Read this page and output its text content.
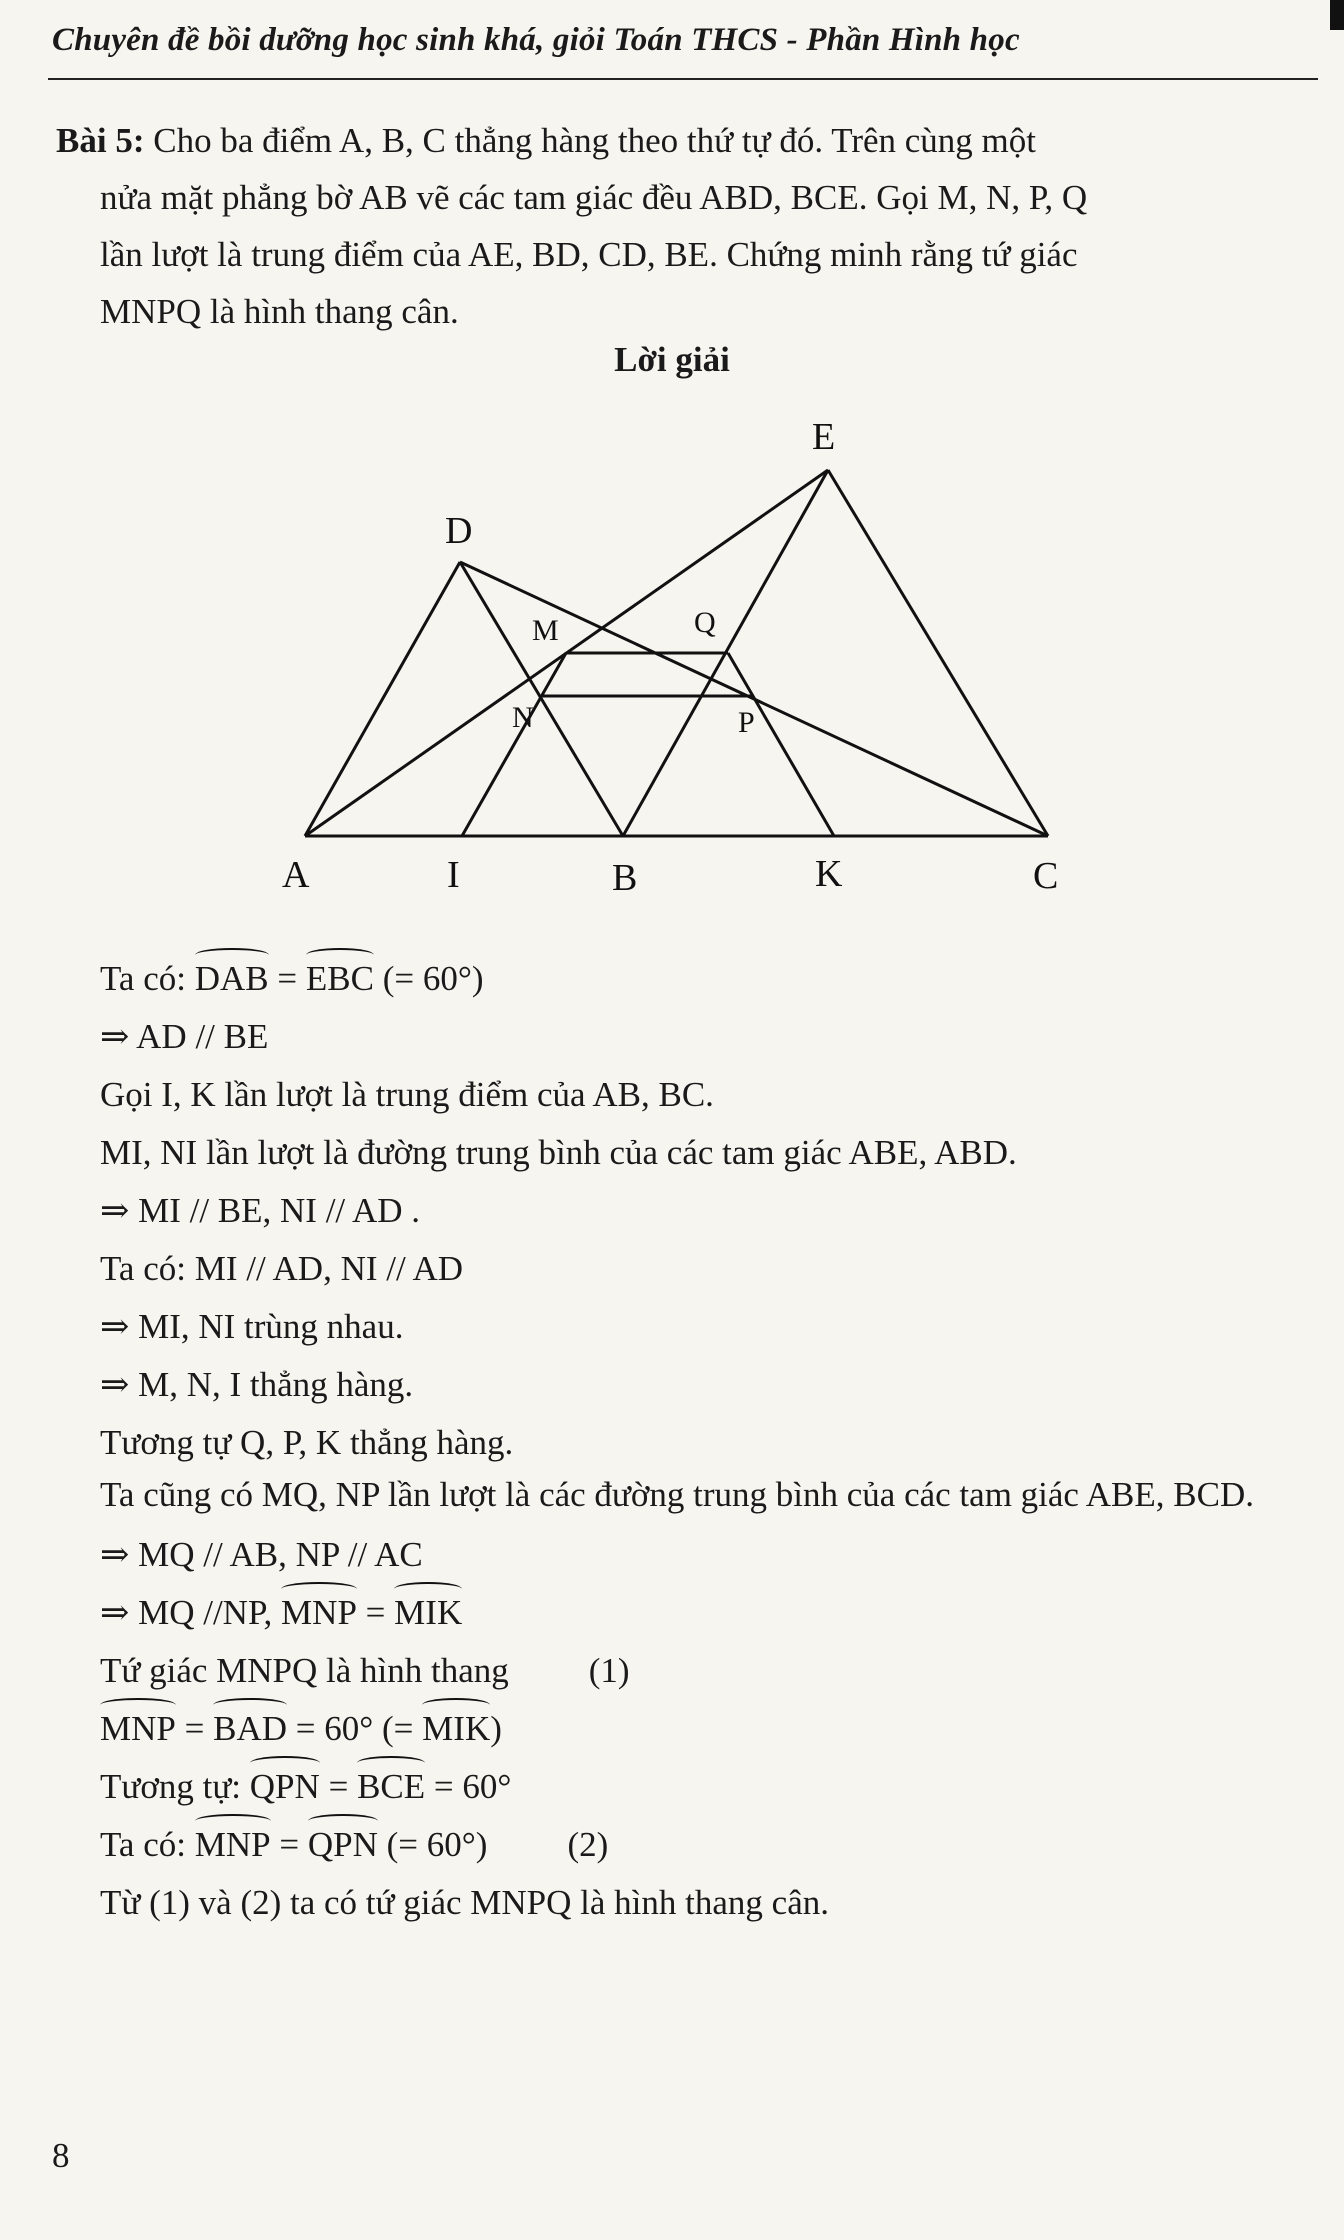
Chuyên đề bồi dưỡng học sinh khá, giỏi Toán THCS - Phần Hình học
Bài 5: Cho ba điểm A, B, C thẳng hàng theo thứ tự đó. Trên cùng một
nửa mặt phẳng bờ AB vẽ các tam giác đều ABD, BCE. Gọi M, N, P, Q
lần lượt là trung điểm của AE, BD, CD, BE. Chứng minh rằng tứ giác
MNPQ là hình thang cân.
Lời giải
E
D
M	Q
N	P
A	I	B	K	C
Ta có: DAB = EBC (= 60°)
⇒ AD // BE
Gọi I, K lần lượt là trung điểm của AB, BC.
MI, NI lần lượt là đường trung bình của các tam giác ABE, ABD.
⇒ MI // BE, NI // AD .
Ta có: MI // AD, NI // AD
⇒ MI, NI trùng nhau.
⇒ M, N, I thẳng hàng.
Tương tự Q, P, K thẳng hàng.
Ta cũng có MQ, NP lần lượt là các đường trung bình của các tam giác ABE, BCD.
⇒ MQ // AB, NP // AC
⇒ MQ //NP, MNP = MIK
Tứ giác MNPQ là hình thang (1)
MNP = BAD = 60° (= MIK)
Tương tự: QPN = BCE = 60°
Ta có: MNP = QPN (= 60°) (2)
Từ (1) và (2) ta có tứ giác MNPQ là hình thang cân.
8
